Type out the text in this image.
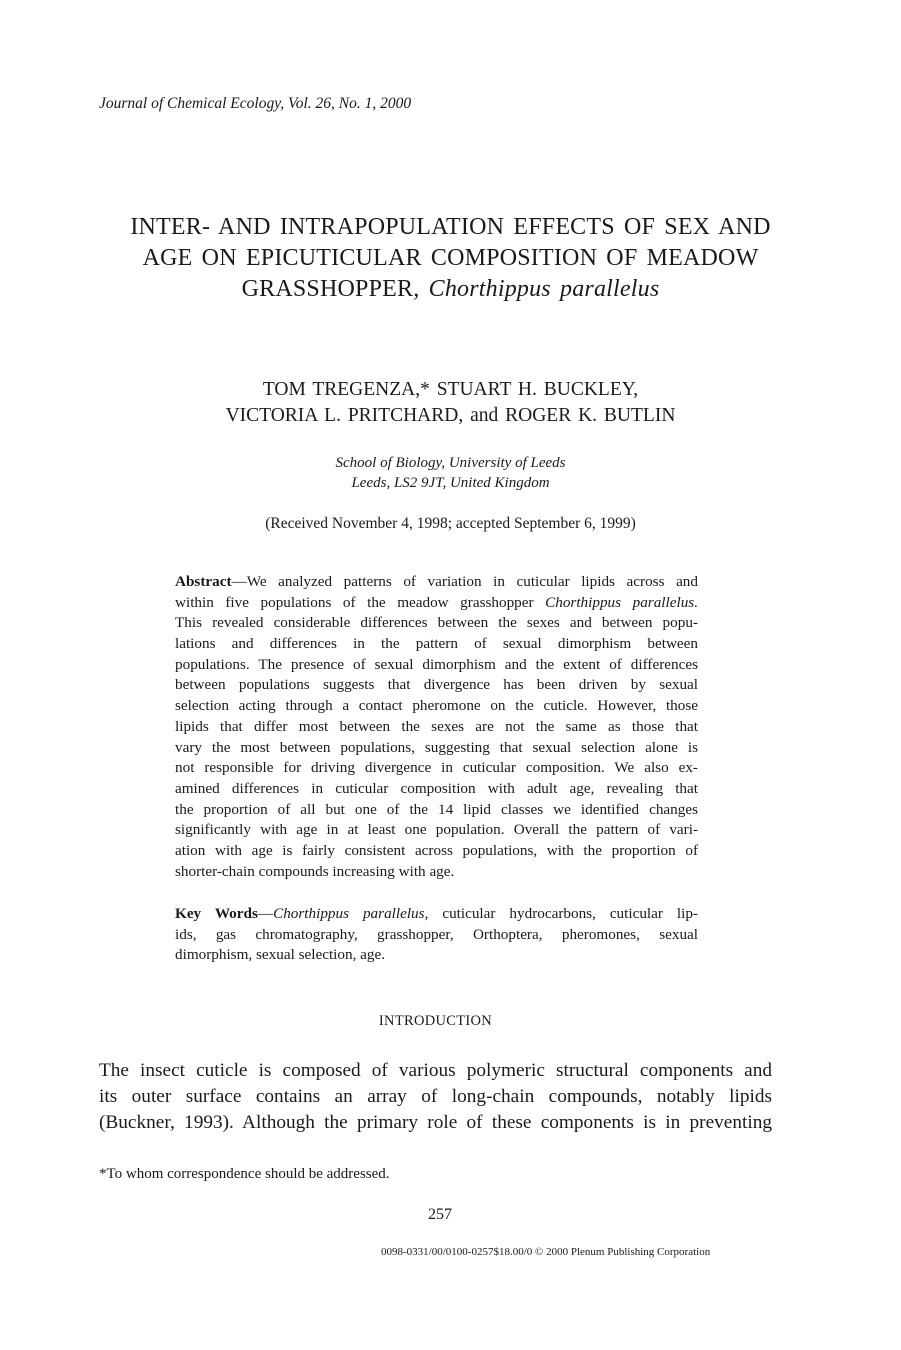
Journal of Chemical Ecology, Vol. 26, No. 1, 2000
INTER- AND INTRAPOPULATION EFFECTS OF SEX AND
AGE ON EPICUTICULAR COMPOSITION OF MEADOW
GRASSHOPPER, Chorthippus parallelus
TOM TREGENZA,* STUART H. BUCKLEY,
VICTORIA L. PRITCHARD, and ROGER K. BUTLIN
School of Biology, University of Leeds
Leeds, LS2 9JT, United Kingdom
(Received November 4, 1998; accepted September 6, 1999)
Abstract—We analyzed patterns of variation in cuticular lipids across and
within five populations of the meadow grasshopper Chorthippus parallelus.
This revealed considerable differences between the sexes and between popu-
lations and differences in the pattern of sexual dimorphism between
populations. The presence of sexual dimorphism and the extent of differences
between populations suggests that divergence has been driven by sexual
selection acting through a contact pheromone on the cuticle. However, those
lipids that differ most between the sexes are not the same as those that
vary the most between populations, suggesting that sexual selection alone is
not responsible for driving divergence in cuticular composition. We also ex-
amined differences in cuticular composition with adult age, revealing that
the proportion of all but one of the 14 lipid classes we identified changes
significantly with age in at least one population. Overall the pattern of vari-
ation with age is fairly consistent across populations, with the proportion of
shorter-chain compounds increasing with age.
Key Words—Chorthippus parallelus, cuticular hydrocarbons, cuticular lip-
ids, gas chromatography, grasshopper, Orthoptera, pheromones, sexual
dimorphism, sexual selection, age.
INTRODUCTION
The insect cuticle is composed of various polymeric structural components and
its outer surface contains an array of long-chain compounds, notably lipids
(Buckner, 1993). Although the primary role of these components is in preventing
*To whom correspondence should be addressed.
257
0098-0331/00/0100-0257$18.00/0 © 2000 Plenum Publishing Corporation
